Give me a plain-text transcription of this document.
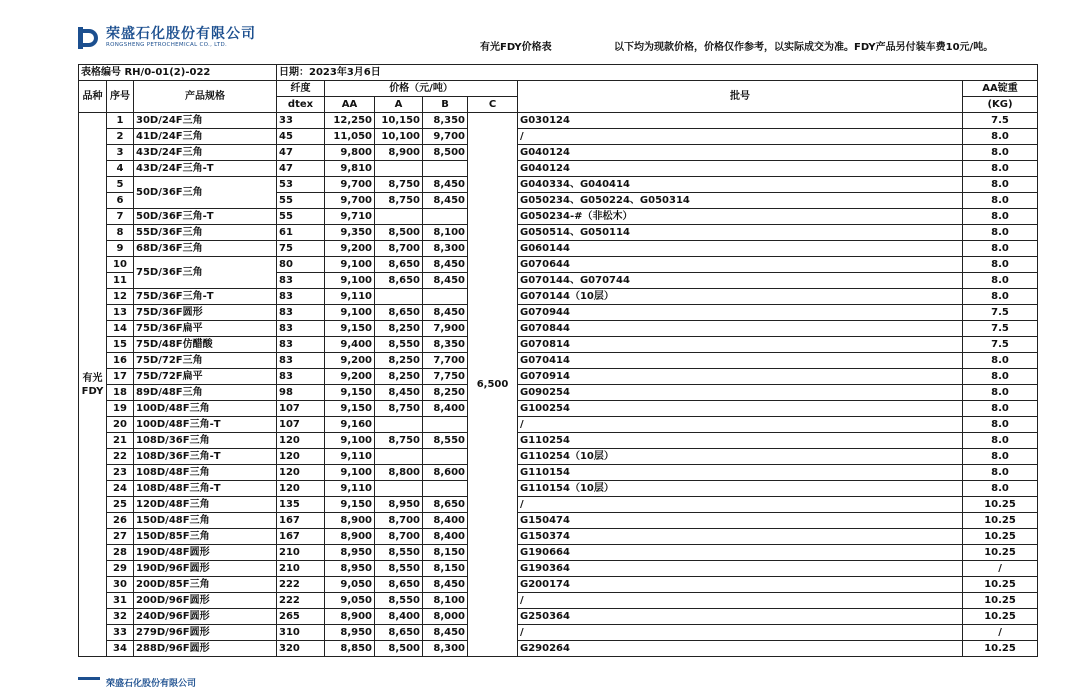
荣盛石化股份有限公司
RONGSHENG PETROCHEMICAL CO., LTD.	有光FDY价格表	以下均为现款价格，价格仅作参考，以实际成交为准。FDY产品另付装车费10元/吨。
表格编号 RH/0-01(2)-022			日期：2023年3月6日						
品种	序号	产品规格	纤度	价格（元/吨）				批号	AA锭重
			dtex	AA	A	B	C		(KG)
有光FDY	1	30D/24F三角	33	12,250	10,150	8,350	6,500	G030124	7.5
	2	41D/24F三角	45	11,050	10,100	9,700		/	8.0
	3	43D/24F三角	47	9,800	8,900	8,500		G040124	8.0
	4	43D/24F三角-T	47	9,810				G040124	8.0
	5	50D/36F三角	53	9,700	8,750	8,450		G040334、G040414	8.0
	6		55	9,700	8,750	8,450		G050234、G050224、G050314	8.0
	7	50D/36F三角-T	55	9,710				G050234-#（非松木）	8.0
	8	55D/36F三角	61	9,350	8,500	8,100		G050514、G050114	8.0
	9	68D/36F三角	75	9,200	8,700	8,300		G060144	8.0
	10	75D/36F三角	80	9,100	8,650	8,450		G070644	8.0
	11		83	9,100	8,650	8,450		G070144、G070744	8.0
	12	75D/36F三角-T	83	9,110				G070144（10层）	8.0
	13	75D/36F圆形	83	9,100	8,650	8,450		G070944	7.5
	14	75D/36F扁平	83	9,150	8,250	7,900		G070844	7.5
	15	75D/48F仿醋酸	83	9,400	8,550	8,350		G070814	7.5
	16	75D/72F三角	83	9,200	8,250	7,700		G070414	8.0
	17	75D/72F扁平	83	9,200	8,250	7,750		G070914	8.0
	18	89D/48F三角	98	9,150	8,450	8,250		G090254	8.0
	19	100D/48F三角	107	9,150	8,750	8,400		G100254	8.0
	20	100D/48F三角-T	107	9,160				/	8.0
	21	108D/36F三角	120	9,100	8,750	8,550		G110254	8.0
	22	108D/36F三角-T	120	9,110				G110254（10层）	8.0
	23	108D/48F三角	120	9,100	8,800	8,600		G110154	8.0
	24	108D/48F三角-T	120	9,110				G110154（10层）	8.0
	25	120D/48F三角	135	9,150	8,950	8,650		/	10.25
	26	150D/48F三角	167	8,900	8,700	8,400		G150474	10.25
	27	150D/85F三角	167	8,900	8,700	8,400		G150374	10.25
	28	190D/48F圆形	210	8,950	8,550	8,150		G190664	10.25
	29	190D/96F圆形	210	8,950	8,550	8,150		G190364	/
	30	200D/85F三角	222	9,050	8,650	8,450		G200174	10.25
	31	200D/96F圆形	222	9,050	8,550	8,100		/	10.25
	32	240D/96F圆形	265	8,900	8,400	8,000		G250364	10.25
	33	279D/96F圆形	310	8,950	8,650	8,450		/	/
	34	288D/96F圆形	320	8,850	8,500	8,300		G290264	10.25
荣盛石化股份有限公司
